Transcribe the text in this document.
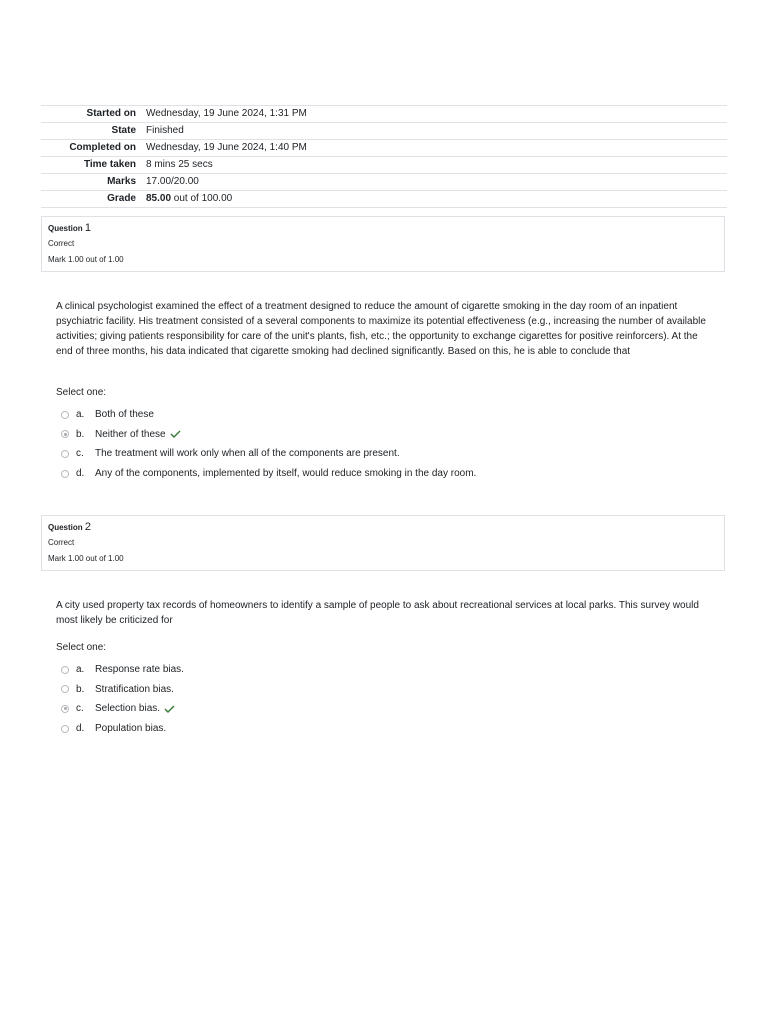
Started on	Wednesday, 19 June 2024, 1:31 PM
State	Finished
Completed on	Wednesday, 19 June 2024, 1:40 PM
Time taken	8 mins 25 secs
Marks	17.00/20.00
Grade	85.00 out of 100.00
Question 1
Correct
Mark 1.00 out of 1.00
A clinical psychologist examined the effect of a treatment designed to reduce the amount of cigarette smoking in the day room of an inpatient psychiatric facility. His treatment consisted of a several components to maximize its potential effectiveness (e.g., increasing the number of available activities; giving patients responsibility for care of the unit's plants, fish, etc.; the opportunity to exchange cigarettes for positive reinforcers). At the end of three months, his data indicated that cigarette smoking had declined significantly. Based on this, he is able to conclude that
Select one:
a.	Both of these
b.	Neither of these
c.	The treatment will work only when all of the components are present.
d.	Any of the components, implemented by itself, would reduce smoking in the day room.
Question 2
Correct
Mark 1.00 out of 1.00
A city used property tax records of homeowners to identify a sample of people to ask about recreational services at local parks. This survey would most likely be criticized for
Select one:
a.	Response rate bias.
b.	Stratification bias.
c.	Selection bias.
d.	Population bias.
